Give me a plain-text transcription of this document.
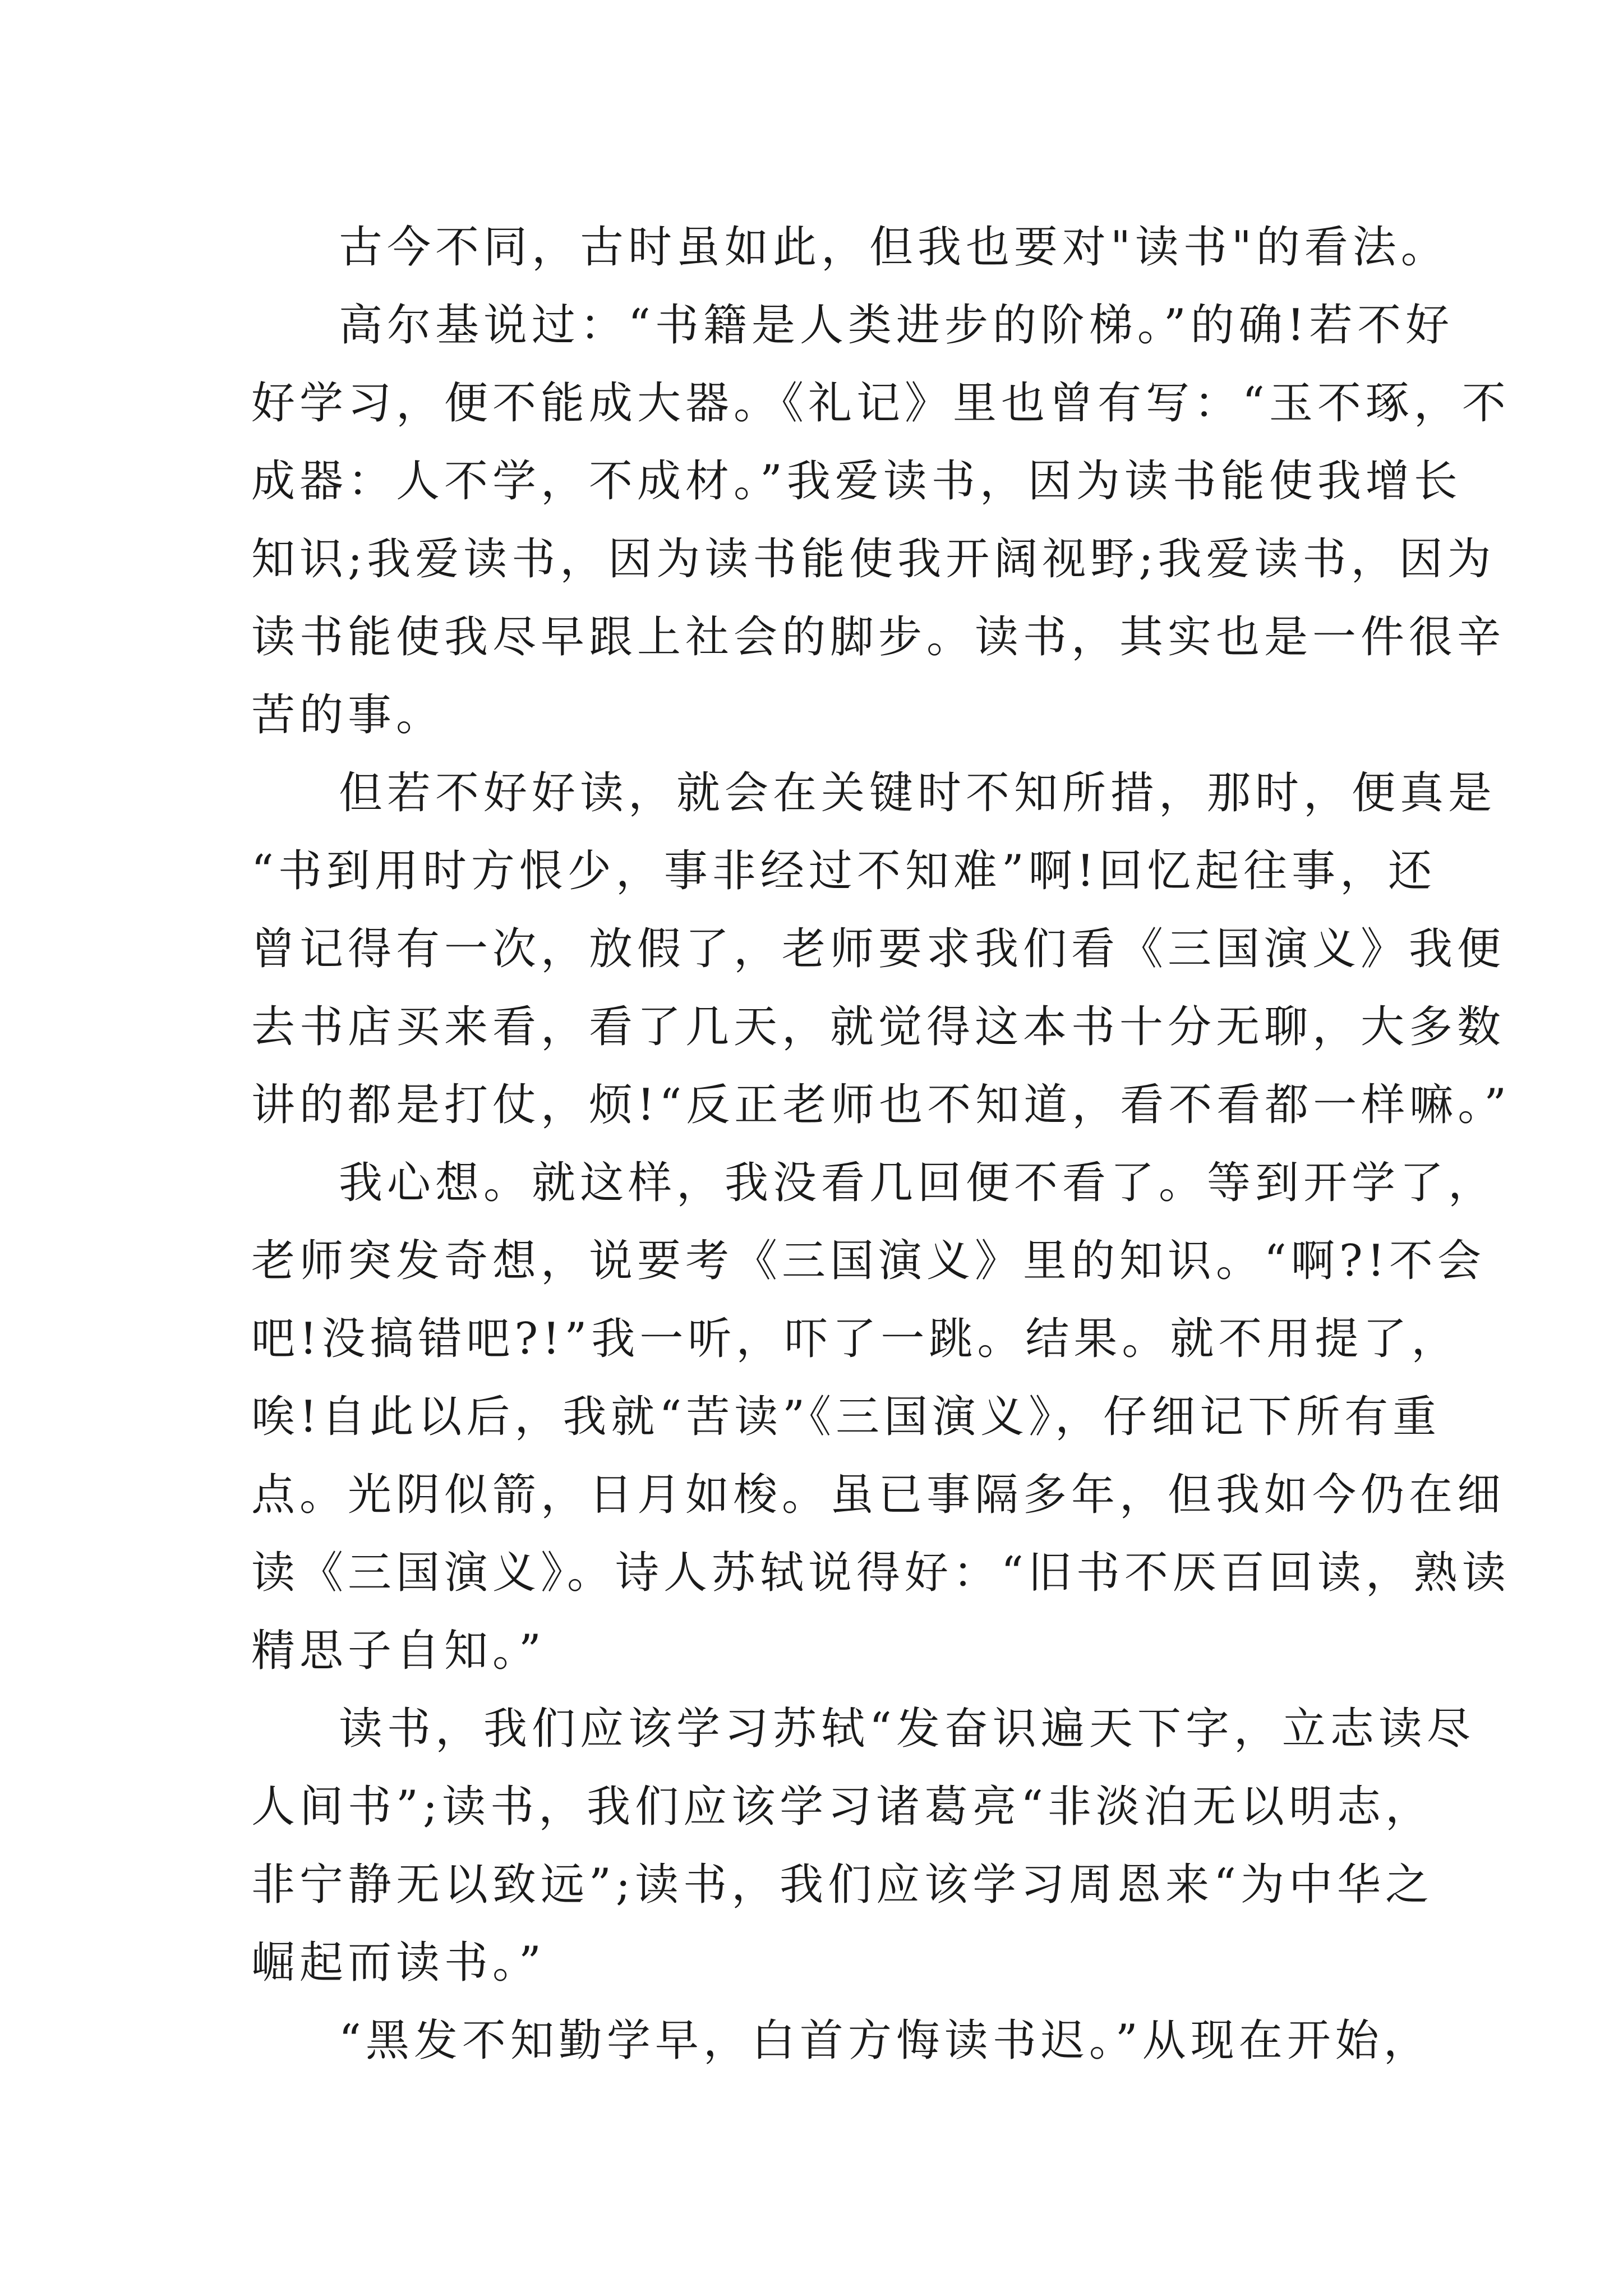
古今不同，古时虽如此，但我也要对"读书"的看法。
高尔基说过：“书籍是人类进步的阶梯。”的确!若不好
好学习，便不能成大器。《礼记》里也曾有写：“玉不琢，不
成器：人不学，不成材。”我爱读书，因为读书能使我增长
知识;我爱读书，因为读书能使我开阔视野;我爱读书，因为
读书能使我尽早跟上社会的脚步。读书，其实也是一件很辛
苦的事。
但若不好好读，就会在关键时不知所措，那时，便真是
“书到用时方恨少，事非经过不知难”啊!回忆起往事，还
曾记得有一次，放假了，老师要求我们看《三国演义》我便
去书店买来看，看了几天，就觉得这本书十分无聊，大多数
讲的都是打仗，烦!“反正老师也不知道，看不看都一样嘛。”
我心想。就这样，我没看几回便不看了。等到开学了，
老师突发奇想，说要考《三国演义》里的知识。“啊?!不会
吧!没搞错吧?!”我一听，吓了一跳。结果。就不用提了，
唉!自此以后，我就“苦读”《三国演义》，仔细记下所有重
点。光阴似箭，日月如梭。虽已事隔多年，但我如今仍在细
读《三国演义》。诗人苏轼说得好：“旧书不厌百回读，熟读
精思子自知。”
读书，我们应该学习苏轼“发奋识遍天下字，立志读尽
人间书”;读书，我们应该学习诸葛亮“非淡泊无以明志，
非宁静无以致远”;读书，我们应该学习周恩来“为中华之
崛起而读书。”
“黑发不知勤学早，白首方悔读书迟。”从现在开始，
